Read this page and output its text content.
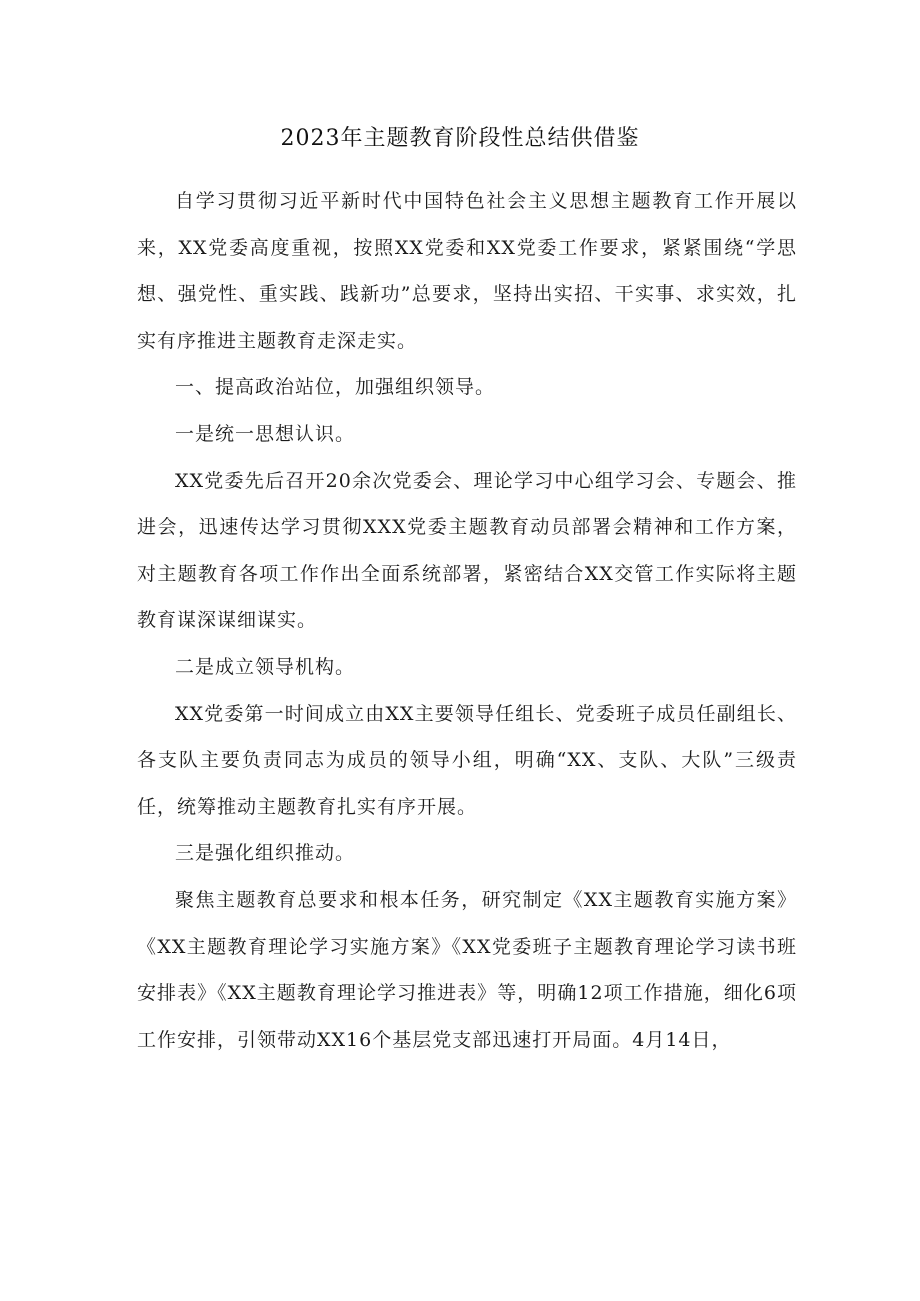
2023年主题教育阶段性总结供借鉴

自学习贯彻习近平新时代中国特色社会主义思想主题教育工作开展以来，XX党委高度重视，按照XX党委和XX党委工作要求，紧紧围绕“学思想、强党性、重实践、践新功”总要求，坚持出实招、干实事、求实效，扎实有序推进主题教育走深走实。

一、提高政治站位，加强组织领导。

一是统一思想认识。

XX党委先后召开20余次党委会、理论学习中心组学习会、专题会、推进会，迅速传达学习贯彻XXX党委主题教育动员部署会精神和工作方案，对主题教育各项工作作出全面系统部署，紧密结合XX交管工作实际将主题教育谋深谋细谋实。

二是成立领导机构。

XX党委第一时间成立由XX主要领导任组长、党委班子成员任副组长、各支队主要负责同志为成员的领导小组，明确“XX、支队、大队”三级责任，统筹推动主题教育扎实有序开展。

三是强化组织推动。

聚焦主题教育总要求和根本任务，研究制定《XX主题教育实施方案》《XX主题教育理论学习实施方案》《XX党委班子主题教育理论学习读书班安排表》《XX主题教育理论学习推进表》等，明确12项工作措施，细化6项工作安排，引领带动XX16个基层党支部迅速打开局面。4月14日，
